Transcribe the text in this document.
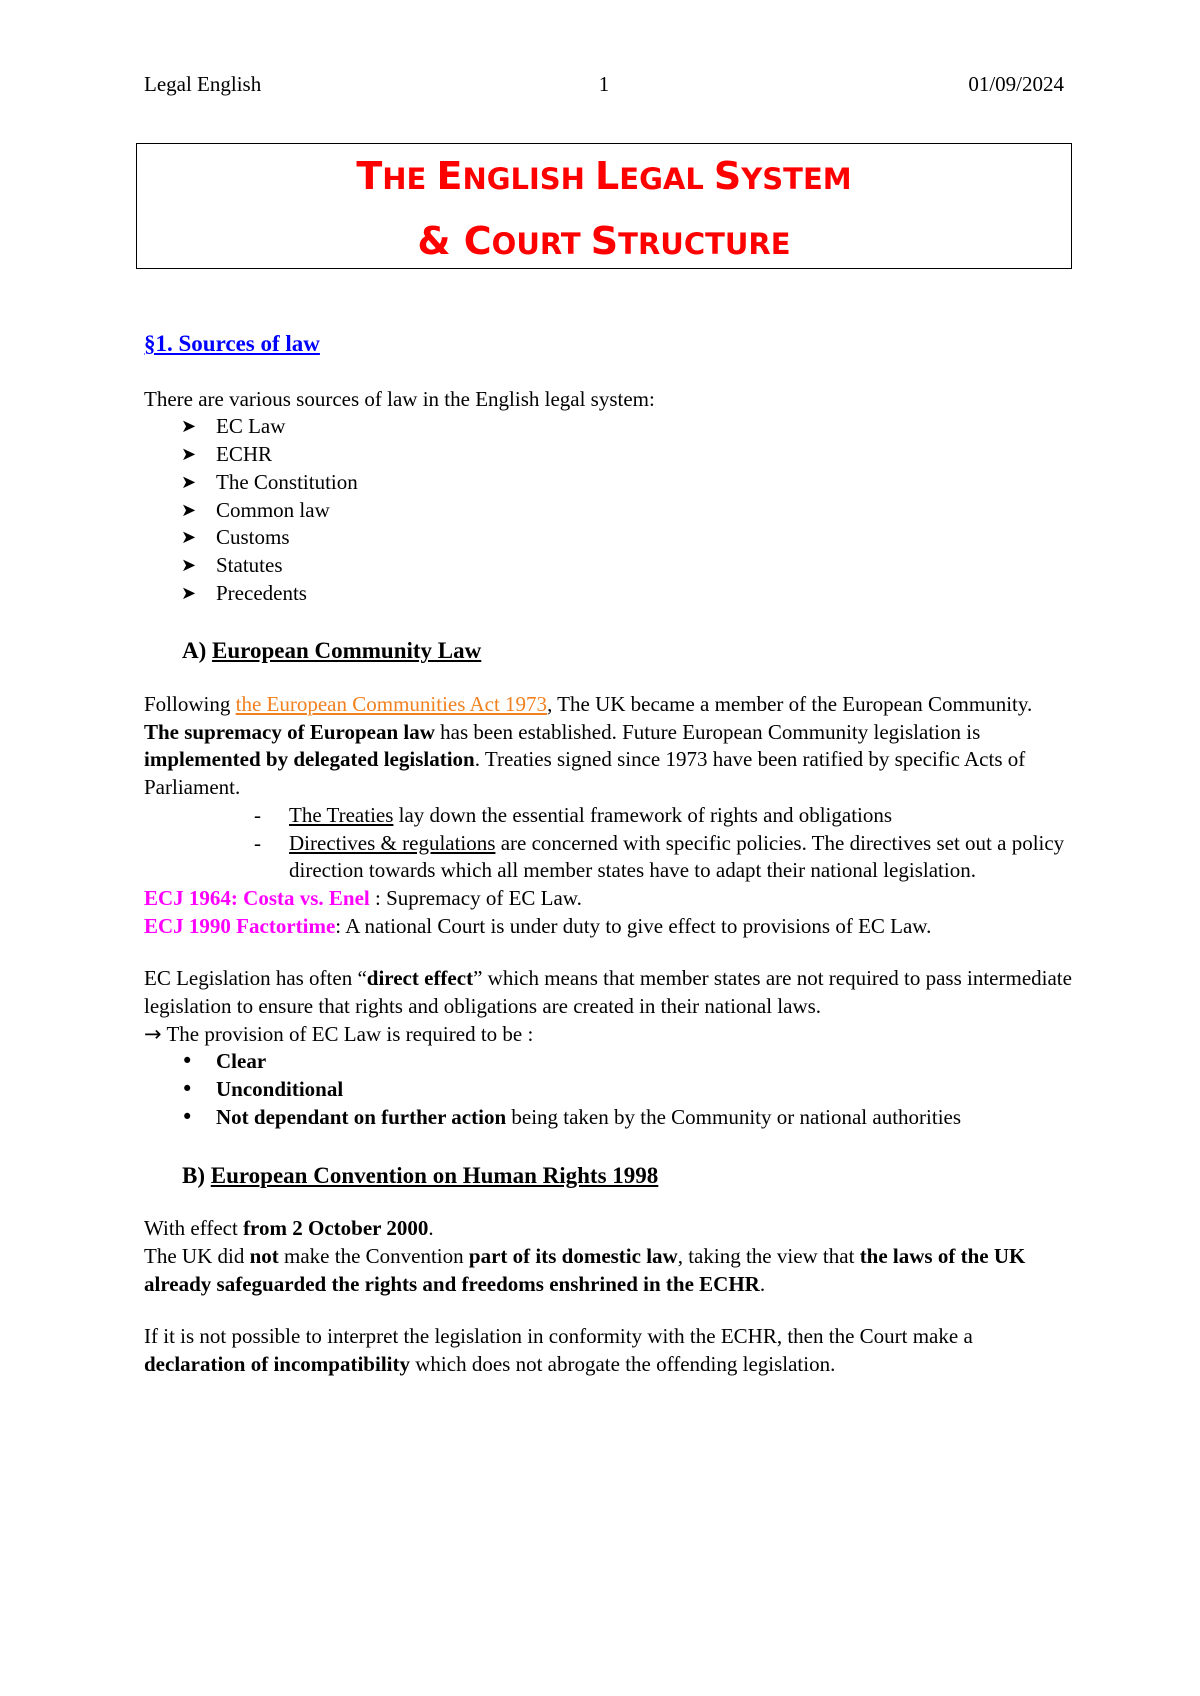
Legal English	1	01/09/2024
THE ENGLISH LEGAL SYSTEM
& COURT STRUCTURE

§1. Sources of law

There are various sources of law in the English legal system:

➤ EC Law
➤ ECHR
➤ The Constitution
➤ Common law
➤ Customs
➤ Statutes
➤ Precedents

A) European Community Law

Following the European Communities Act 1973, The UK became a member of the European Community.

The supremacy of European law has been established. Future European Community legislation is implemented by delegated legislation. Treaties signed since 1973 have been ratified by specific Acts of Parliament.

- The Treaties lay down the essential framework of rights and obligations
- Directives & regulations are concerned with specific policies. The directives set out a policy direction towards which all member states have to adapt their national legislation.

ECJ 1964: Costa vs. Enel : Supremacy of EC Law.

ECJ 1990 Factortime: A national Court is under duty to give effect to provisions of EC Law.

EC Legislation has often “direct effect” which means that member states are not required to pass intermediate legislation to ensure that rights and obligations are created in their national laws.

→ The provision of EC Law is required to be :

• Clear
• Unconditional
• Not dependant on further action being taken by the Community or national authorities

B) European Convention on Human Rights 1998

With effect from 2 October 2000.

The UK did not make the Convention part of its domestic law, taking the view that the laws of the UK already safeguarded the rights and freedoms enshrined in the ECHR.

If it is not possible to interpret the legislation in conformity with the ECHR, then the Court make a declaration of incompatibility which does not abrogate the offending legislation.
